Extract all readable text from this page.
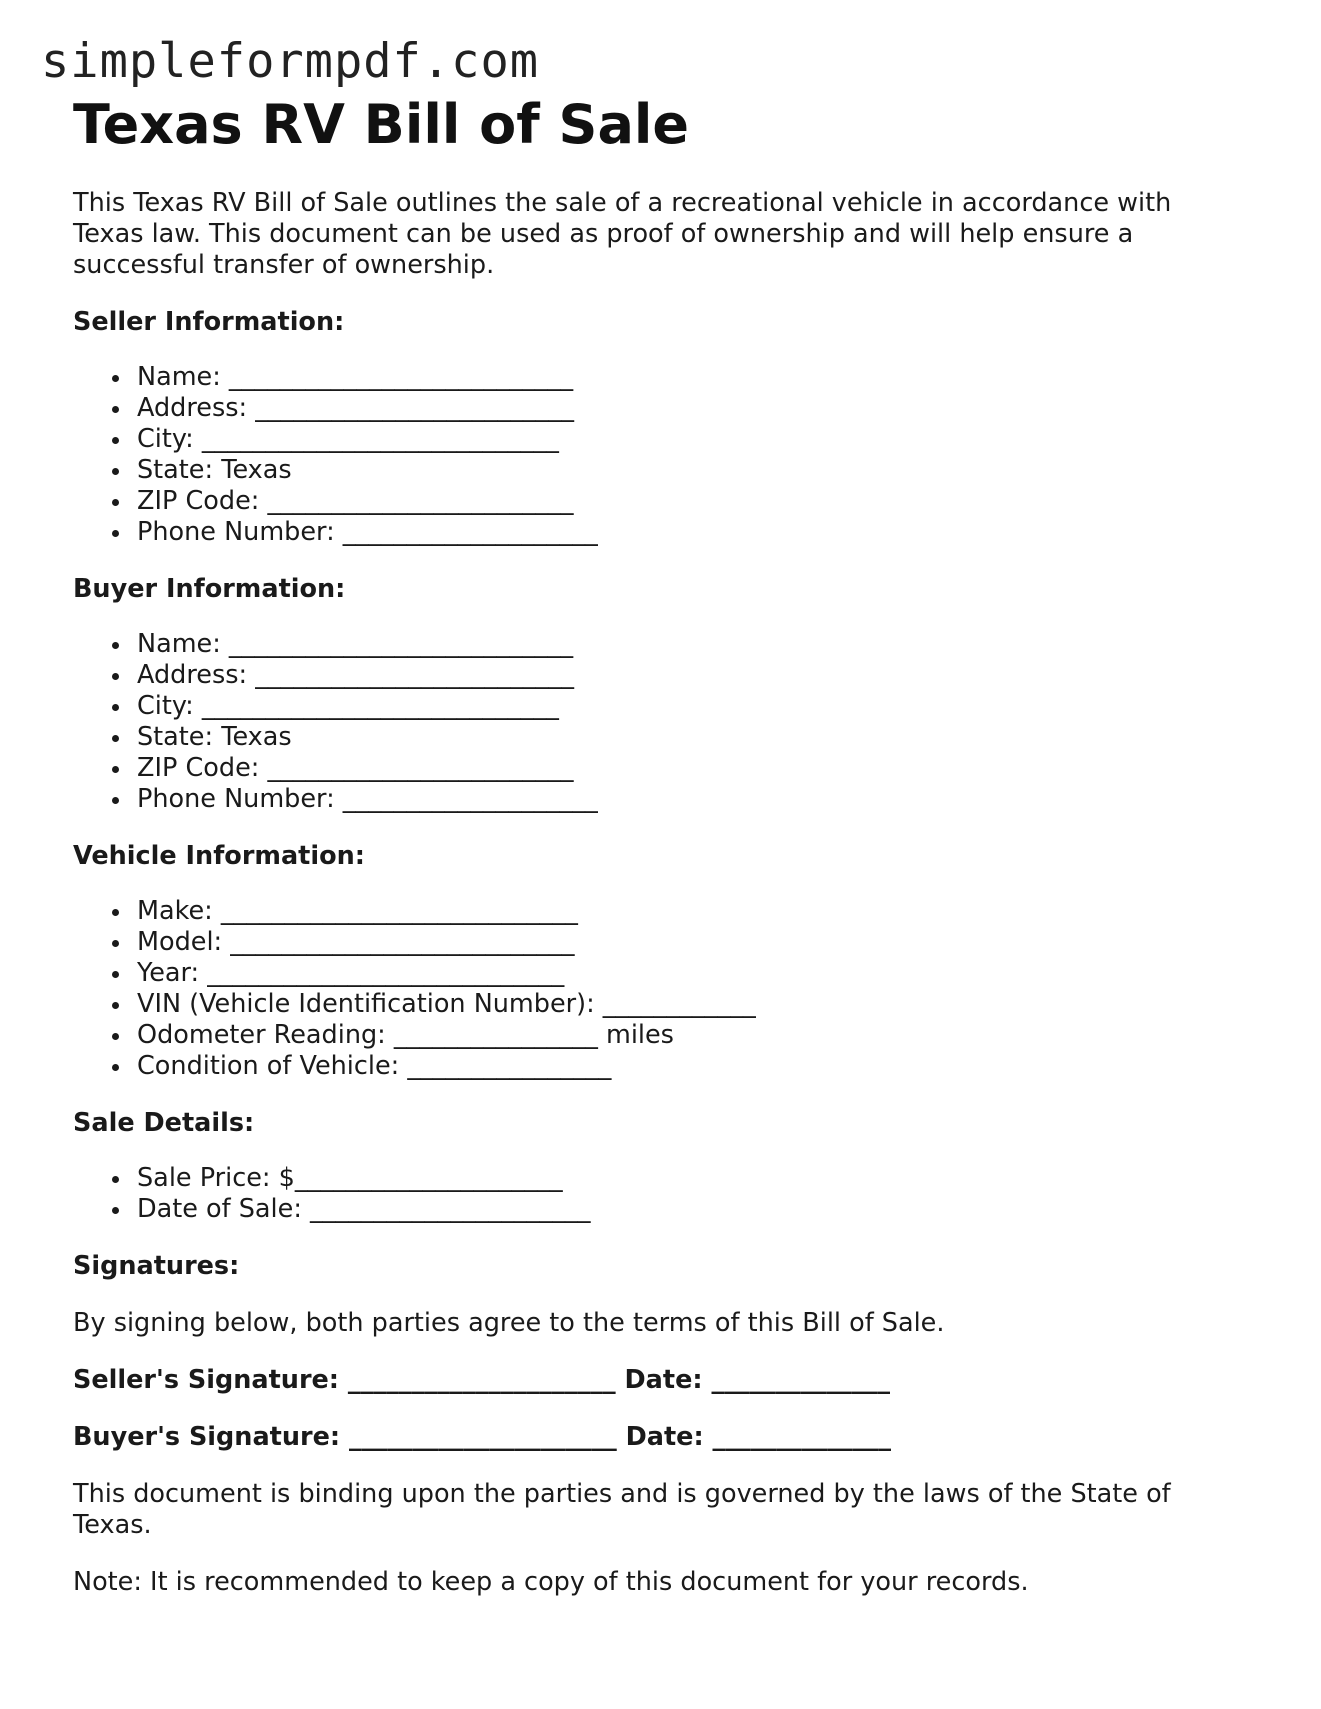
simpleformpdf.com
Texas RV Bill of Sale

This Texas RV Bill of Sale outlines the sale of a recreational vehicle in accordance with Texas law. This document can be used as proof of ownership and will help ensure a successful transfer of ownership.

Seller Information:
Name: ___________________________
Address: _________________________
City: ____________________________
State: Texas
ZIP Code: ________________________
Phone Number: ____________________
Buyer Information:
Name: ___________________________
Address: _________________________
City: ____________________________
State: Texas
ZIP Code: ________________________
Phone Number: ____________________
Vehicle Information:
Make: ____________________________
Model: ___________________________
Year: ____________________________
VIN (Vehicle Identification Number): ____________
Odometer Reading: ________________ miles
Condition of Vehicle: ________________
Sale Details:
Sale Price: $_____________________
Date of Sale: ______________________
Signatures:

By signing below, both parties agree to the terms of this Bill of Sale.

Seller's Signature: _____________________ Date: ______________
Buyer's Signature: _____________________ Date: ______________

This document is binding upon the parties and is governed by the laws of the State of Texas.

Note: It is recommended to keep a copy of this document for your records.
